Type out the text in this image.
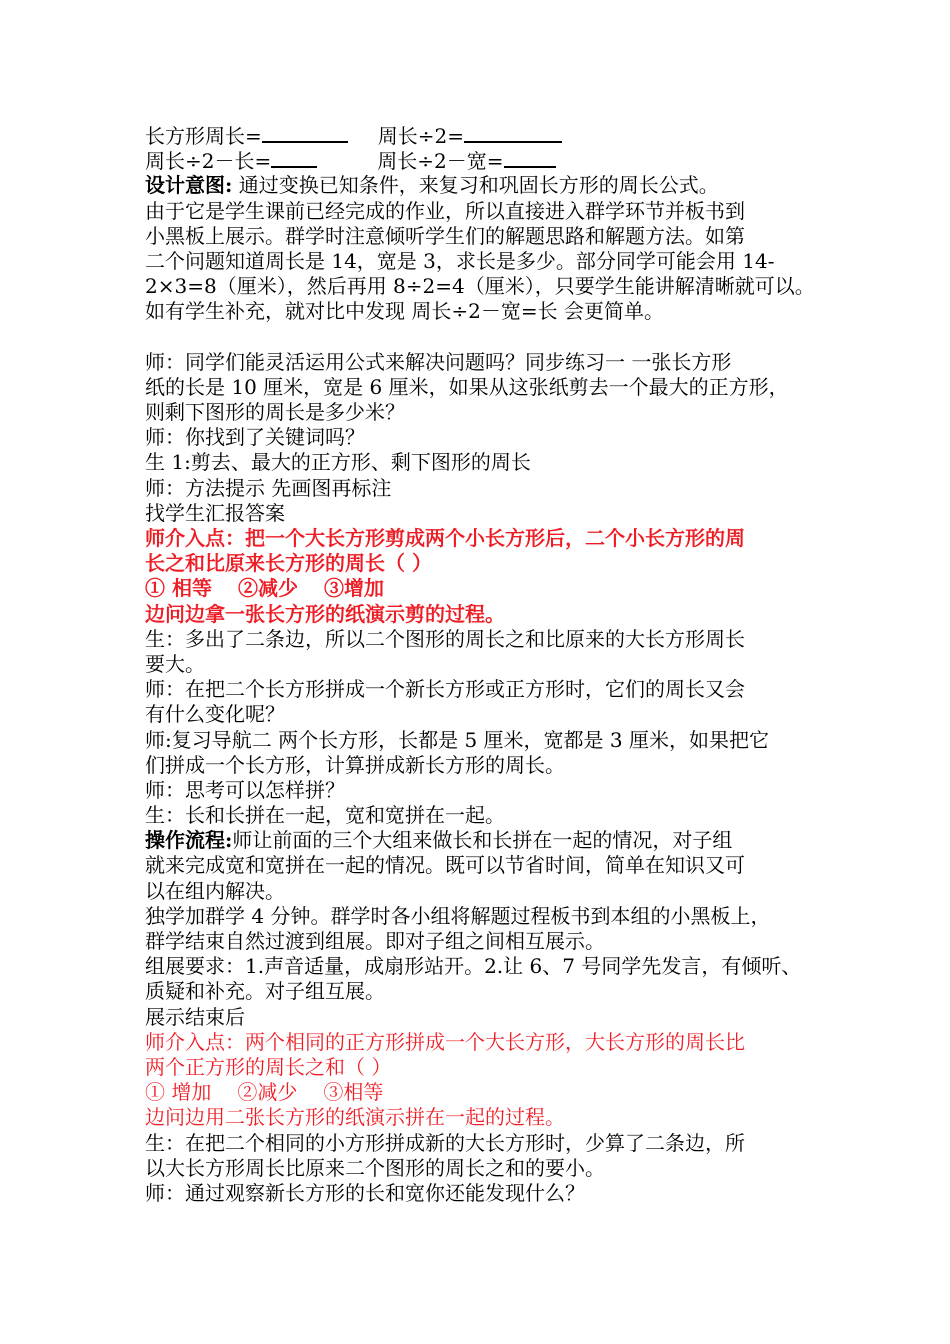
长方形周长=	周长÷2=
周长÷2－长=	周长÷2－宽=
设计意图: 通过变换已知条件，来复习和巩固长方形的周长公式。
由于它是学生课前已经完成的作业，所以直接进入群学环节并板书到
小黑板上展示。群学时注意倾听学生们的解题思路和解题方法。如第
二个问题知道周长是 14，宽是 3，求长是多少。部分同学可能会用 14-
2×3=8（厘米），然后再用 8÷2=4（厘米），只要学生能讲解清晰就可以。
如有学生补充，就对比中发现 周长÷2－宽=长 会更简单。
师：同学们能灵活运用公式来解决问题吗？同步练习一 一张长方形
纸的长是 10 厘米，宽是 6 厘米，如果从这张纸剪去一个最大的正方形，
则剩下图形的周长是多少米？
师：你找到了关键词吗？
生 1:剪去、最大的正方形、剩下图形的周长
师：方法提示 先画图再标注
找学生汇报答案
师介入点：把一个大长方形剪成两个小长方形后，二个小长方形的周
长之和比原来长方形的周长（ ）
① 相等 ②减少 ③增加
边问边拿一张长方形的纸演示剪的过程。
生：多出了二条边，所以二个图形的周长之和比原来的大长方形周长
要大。
师：在把二个长方形拼成一个新长方形或正方形时，它们的周长又会
有什么变化呢？
师:复习导航二 两个长方形，长都是 5 厘米，宽都是 3 厘米，如果把它
们拼成一个长方形，计算拼成新长方形的周长。
师：思考可以怎样拼？
生：长和长拼在一起，宽和宽拼在一起。
操作流程:师让前面的三个大组来做长和长拼在一起的情况，对子组
就来完成宽和宽拼在一起的情况。既可以节省时间，简单在知识又可
以在组内解决。
独学加群学 4 分钟。群学时各小组将解题过程板书到本组的小黑板上，
群学结束自然过渡到组展。即对子组之间相互展示。
组展要求：1.声音适量，成扇形站开。2.让 6、7 号同学先发言，有倾听、
质疑和补充。对子组互展。
展示结束后
师介入点：两个相同的正方形拼成一个大长方形，大长方形的周长比
两个正方形的周长之和（ ）
① 增加 ②减少 ③相等
边问边用二张长方形的纸演示拼在一起的过程。
生：在把二个相同的小方形拼成新的大长方形时，少算了二条边，所
以大长方形周长比原来二个图形的周长之和的要小。
师：通过观察新长方形的长和宽你还能发现什么？
